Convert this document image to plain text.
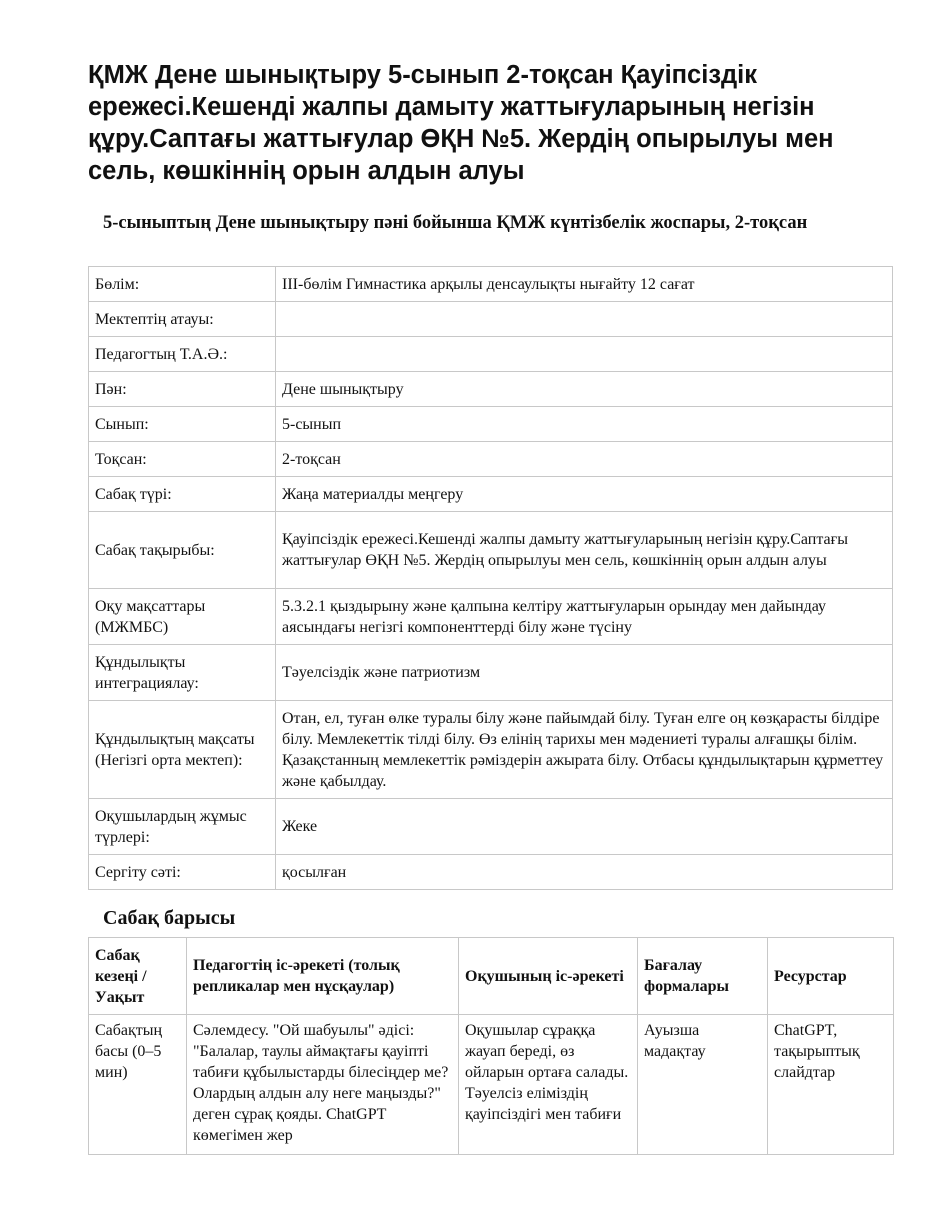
ҚМЖ Дене шынықтыру 5-сынып 2-тоқсан Қауіпсіздік ережесі.Кешенді жалпы дамыту жаттығуларының негізін құру.Саптағы жаттығулар ӨҚН №5. Жердің опырылуы мен сель, көшкіннің орын алдын алуы
5-сыныптың Дене шынықтыру пәні бойынша ҚМЖ күнтізбелік жоспары, 2-тоқсан
Бөлім:	ІІІ-бөлім Гимнастика арқылы денсаулықты нығайту 12 сағат
Мектептің атауы:	
Педагогтың Т.А.Ә.:	
Пән:	Дене шынықтыру
Сынып:	5-сынып
Тоқсан:	2-тоқсан
Сабақ түрі:	Жаңа материалды меңгеру
Сабақ тақырыбы:	Қауіпсіздік ережесі.Кешенді жалпы дамыту жаттығуларының негізін құру.Саптағы жаттығулар ӨҚН №5. Жердің опырылуы мен сель, көшкіннің орын алдын алуы
Оқу мақсаттары (МЖМБС)	5.3.2.1 қыздырыну және қалпына келтіру жаттығуларын орындау мен дайындау аясындағы негізгі компоненттерді білу және түсіну
Құндылықты интеграциялау:	Тәуелсіздік және патриотизм
Құндылықтың мақсаты (Негізгі орта мектеп):	Отан, ел, туған өлке туралы білу және пайымдай білу. Туған елге оң көзқарасты білдіре білу. Мемлекеттік тілді білу. Өз елінің тарихы мен мәдениеті туралы алғашқы білім. Қазақстанның мемлекеттік рәміздерін ажырата білу. Отбасы құндылықтарын құрметтеу және қабылдау.
Оқушылардың жұмыс түрлері:	Жеке
Сергіту сәті:	қосылған
Сабақ барысы
Сабақ кезеңі / Уақыт	Педагогтің іс-әрекеті (толық репликалар мен нұсқаулар)	Оқушының іс-әрекеті	Бағалау формалары	Ресурстар
Сабақтың басы (0–5 мин)	Сәлемдесу. "Ой шабуылы" әдісі: "Балалар, таулы аймақтағы қауіпті табиғи құбылыстарды білесіңдер ме? Олардың алдын алу неге маңызды?" деген сұрақ қояды. ChatGPT көмегімен жер	Оқушылар сұраққа жауап береді, өз ойларын ортаға салады. Тәуелсіз еліміздің қауіпсіздігі мен табиғи	Ауызша мадақтау	ChatGPT, тақырыптық слайдтар
